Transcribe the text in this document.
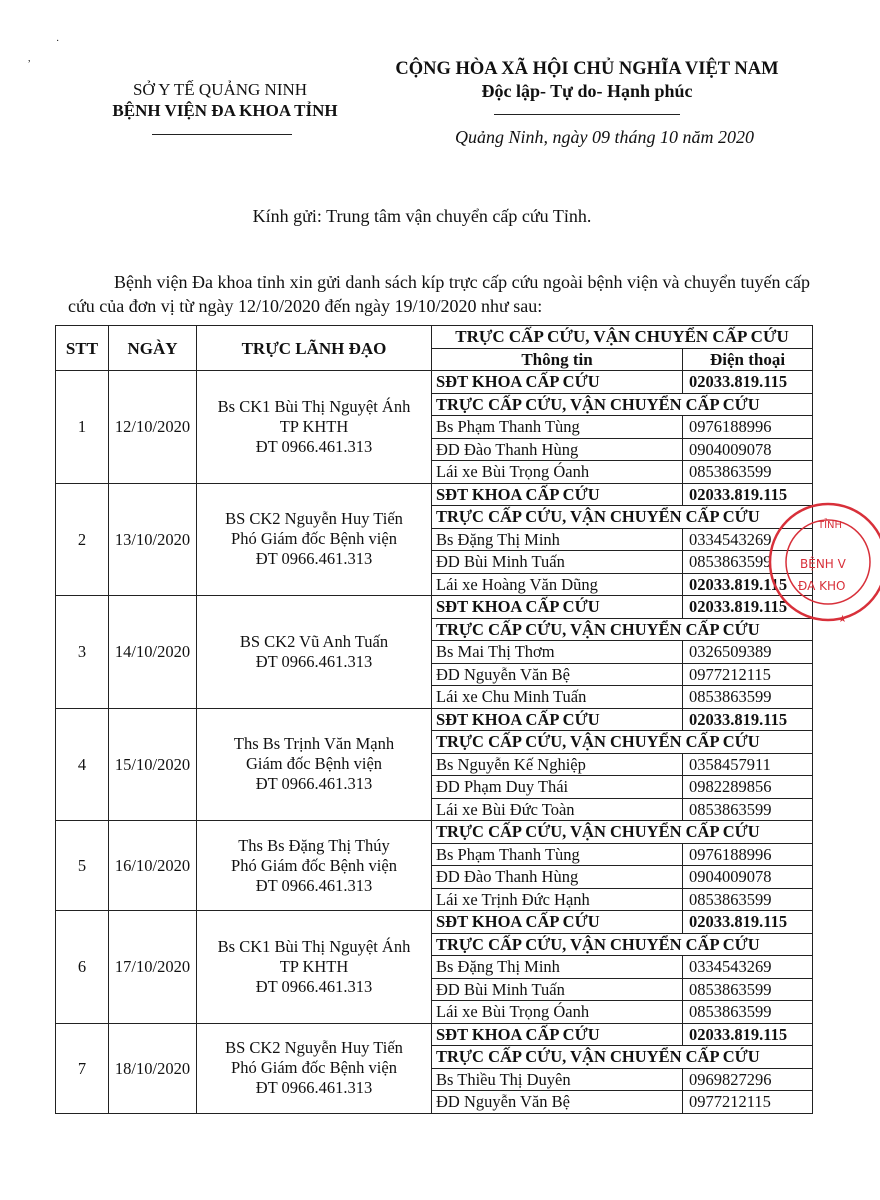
·
,
SỞ Y TẾ QUẢNG NINH
BỆNH VIỆN ĐA KHOA TỈNH
CỘNG HÒA XÃ HỘI CHỦ NGHĨA VIỆT NAM
Độc lập- Tự do- Hạnh phúc
Quảng Ninh, ngày 09 tháng 10 năm 2020
Kính gửi: Trung tâm vận chuyển cấp cứu Tỉnh.
Bệnh viện Đa khoa tỉnh xin gửi danh sách kíp trực cấp cứu ngoài bệnh viện và chuyển tuyến cấp cứu của đơn vị từ ngày 12/10/2020 đến ngày 19/10/2020 như sau:
STT	NGÀY	TRỰC LÃNH ĐẠO	TRỰC CẤP CỨU, VẬN CHUYỂN CẤP CỨU	
			Thông tin	Điện thoại
1	12/10/2020	Bs CK1 Bùi Thị Nguyệt Ánh
TP KHTH
ĐT 0966.461.313	SĐT KHOA CẤP CỨU	02033.819.115
			TRỰC CẤP CỨU, VẬN CHUYỂN CẤP CỨU	
			Bs Phạm Thanh Tùng	0976188996
			ĐD Đào Thanh Hùng	0904009078
			Lái xe Bùi Trọng Óanh	0853863599
2	13/10/2020	BS CK2 Nguyễn Huy Tiến
Phó Giám đốc Bệnh viện
ĐT 0966.461.313	SĐT KHOA CẤP CỨU	02033.819.115
			TRỰC CẤP CỨU, VẬN CHUYỂN CẤP CỨU	
			Bs Đặng Thị Minh	0334543269
			ĐD Bùi Minh Tuấn	0853863599
			Lái xe Hoàng Văn Dũng	02033.819.115
3	14/10/2020	BS CK2 Vũ Anh Tuấn
ĐT 0966.461.313	SĐT KHOA CẤP CỨU	02033.819.115
			TRỰC CẤP CỨU, VẬN CHUYỂN CẤP CỨU	
			Bs Mai Thị Thơm	0326509389
			ĐD Nguyễn Văn Bệ	0977212115
			Lái xe Chu Minh Tuấn	0853863599
4	15/10/2020	Ths Bs Trịnh Văn Mạnh
Giám đốc Bệnh viện
ĐT 0966.461.313	SĐT KHOA CẤP CỨU	02033.819.115
			TRỰC CẤP CỨU, VẬN CHUYỂN CẤP CỨU	
			Bs Nguyễn Kế Nghiệp	0358457911
			ĐD Phạm Duy Thái	0982289856
			Lái xe Bùi Đức Toàn	0853863599
5	16/10/2020	Ths Bs Đặng Thị Thúy
Phó Giám đốc Bệnh viện
ĐT 0966.461.313	TRỰC CẤP CỨU, VẬN CHUYỂN CẤP CỨU	
			Bs Phạm Thanh Tùng	0976188996
			ĐD Đào Thanh Hùng	0904009078
			Lái xe Trịnh Đức Hạnh	0853863599
6	17/10/2020	Bs CK1 Bùi Thị Nguyệt Ánh
TP KHTH
ĐT 0966.461.313	SĐT KHOA CẤP CỨU	02033.819.115
			TRỰC CẤP CỨU, VẬN CHUYỂN CẤP CỨU	
			Bs Đặng Thị Minh	0334543269
			ĐD Bùi Minh Tuấn	0853863599
			Lái xe Bùi Trọng Óanh	0853863599
7	18/10/2020	BS CK2 Nguyễn Huy Tiến
Phó Giám đốc Bệnh viện
ĐT 0966.461.313	SĐT KHOA CẤP CỨU	02033.819.115
			TRỰC CẤP CỨU, VẬN CHUYỂN CẤP CỨU	
			Bs Thiều Thị Duyên	0969827296
			ĐD Nguyễn Văn Bệ	0977212115
TỈNH
BỆNH V
ĐA KHO
★
